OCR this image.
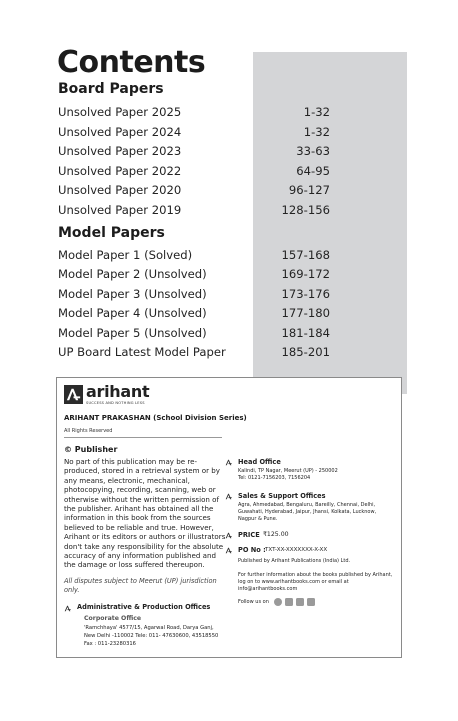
Contents
Board Papers
Unsolved Paper 2025	1-32
Unsolved Paper 2024	1-32
Unsolved Paper 2023	33-63
Unsolved Paper 2022	64-95
Unsolved Paper 2020	96-127
Unsolved Paper 2019	128-156
Model Papers
Model Paper 1 (Solved)	157-168
Model Paper 2 (Unsolved)	169-172
Model Paper 3 (Unsolved)	173-176
Model Paper 4 (Unsolved)	177-180
Model Paper 5 (Unsolved)	181-184
UP Board Latest Model Paper	185-201
arihant
SUCCESS AND NOTHING LESS
ARIHANT PRAKASHAN (School Division Series)
All Rights Reserved
© Publisher
No part of this publication may be re-produced, stored in a retrieval system or by any means, electronic, mechanical, photocopying, recording, scanning, web or otherwise without the written permission of the publisher. Arihant has obtained all the information in this book from the sources believed to be reliable and true. However, Arihant or its editors or authors or illustrators don't take any responsibility for the absolute accuracy of any information published and the damage or loss suffered thereupon.
All disputes subject to Meerut (UP) jurisdiction only.
Administrative & Production Offices
Corporate Office
'Ramchhaya' 4577/15, Agarwal Road, Darya Ganj,
New Delhi -110002 Tele: 011- 47630600, 43518550
Fax : 011-23280316
Head Office
Kalindi, TP Nagar, Meerut (UP) - 250002
Tel: 0121-7156203, 7156204
Sales & Support Offices
Agra, Ahmedabad, Bengaluru, Bareilly, Chennai, Delhi, Guwahati, Hyderabad, Jaipur, Jhansi, Kolkata, Lucknow, Nagpur & Pune.
PRICE ₹125.00
PO No : TXT-XX-XXXXXXX-X-XX
Published by Arihant Publications (India) Ltd.
For further information about the books published by Arihant, log on to www.arihantbooks.com or email at info@arihantbooks.com
Follow us on
